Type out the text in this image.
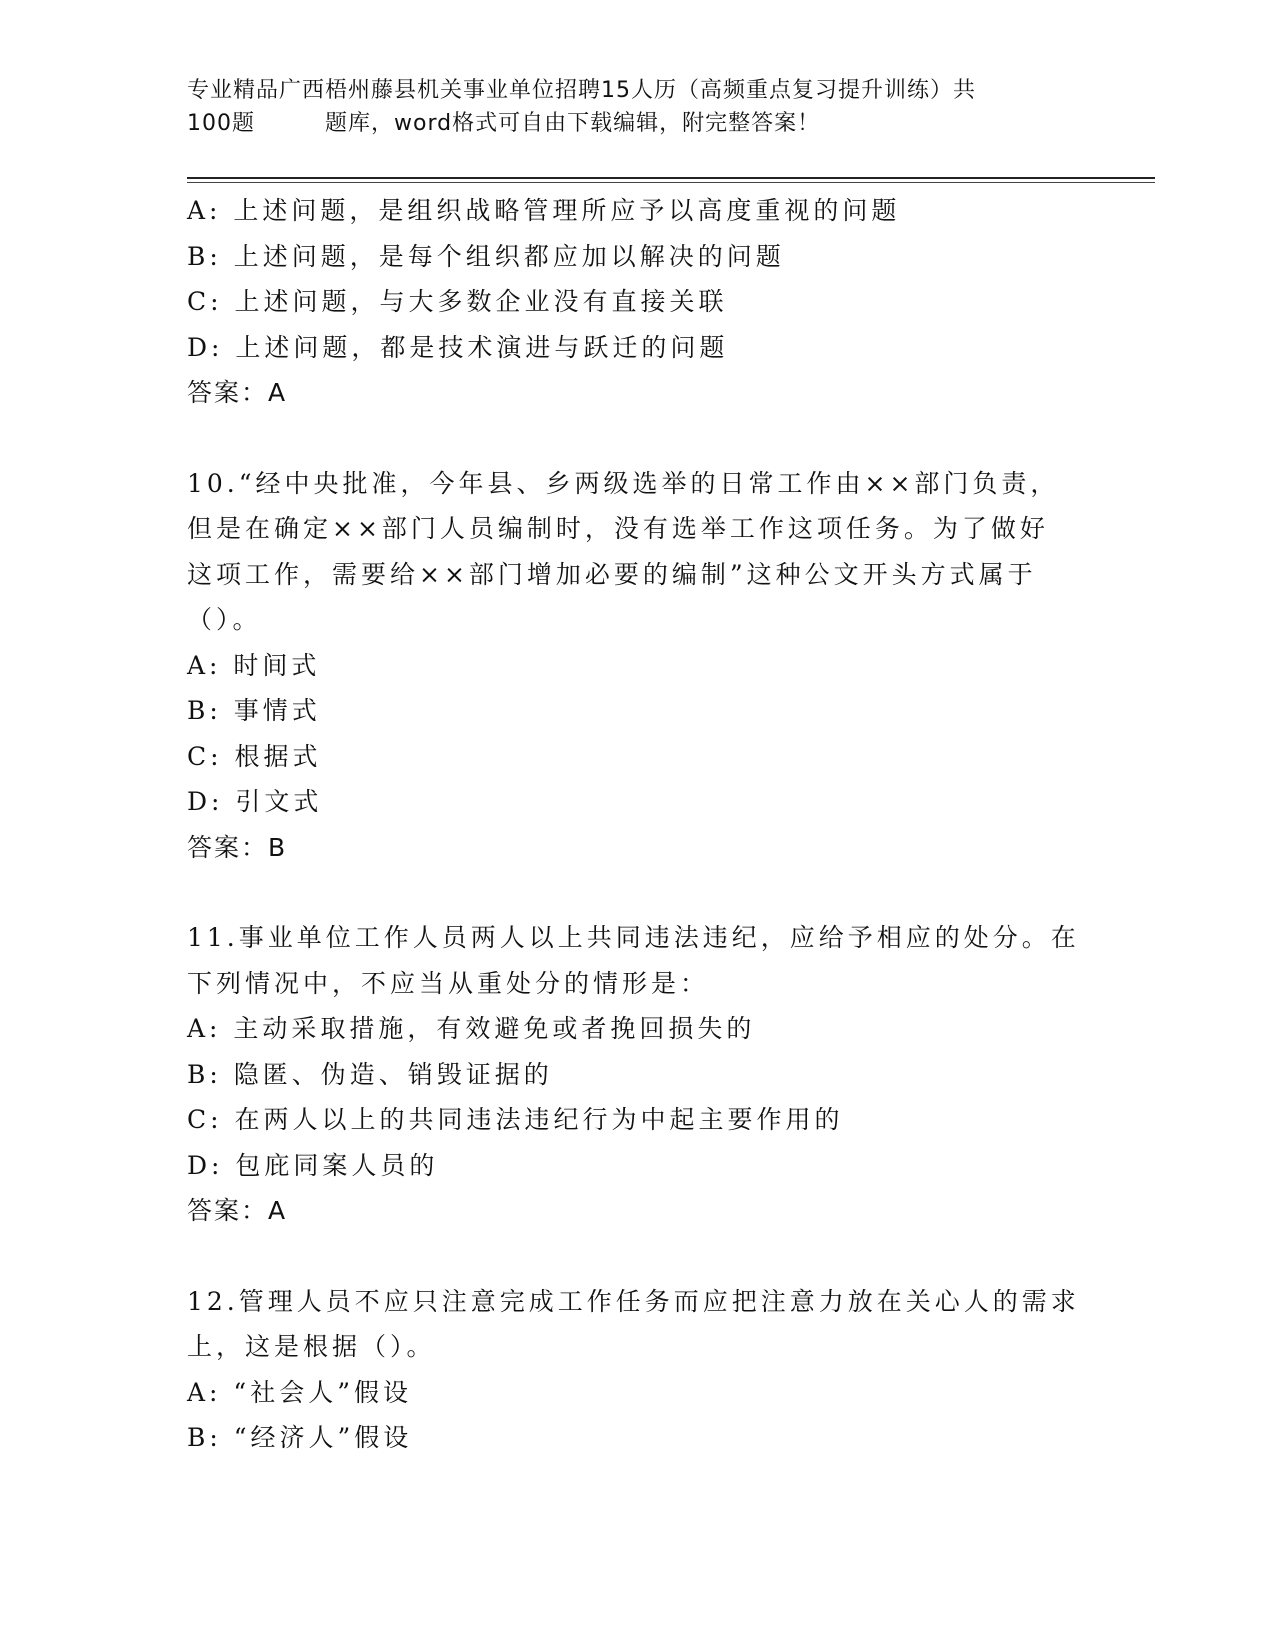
专业精品广西梧州藤县机关事业单位招聘15人历（高频重点复习提升训练）共
100题	题库，word格式可自由下载编辑，附完整答案！
A: 上述问题，是组织战略管理所应予以高度重视的问题
B: 上述问题，是每个组织都应加以解决的问题
C: 上述问题，与大多数企业没有直接关联
D: 上述问题，都是技术演进与跃迁的问题
答案：A
10.“经中央批准，今年县、乡两级选举的日常工作由××部门负责，
但是在确定××部门人员编制时，没有选举工作这项任务。为了做好
这项工作，需要给××部门增加必要的编制”这种公文开头方式属于
（）。
A: 时间式
B: 事情式
C: 根据式
D: 引文式
答案：B
11.事业单位工作人员两人以上共同违法违纪，应给予相应的处分。在
下列情况中，不应当从重处分的情形是：
A: 主动采取措施，有效避免或者挽回损失的
B: 隐匿、伪造、销毁证据的
C: 在两人以上的共同违法违纪行为中起主要作用的
D: 包庇同案人员的
答案：A
12.管理人员不应只注意完成工作任务而应把注意力放在关心人的需求
上，这是根据（）。
A: “社会人”假设
B: “经济人”假设
